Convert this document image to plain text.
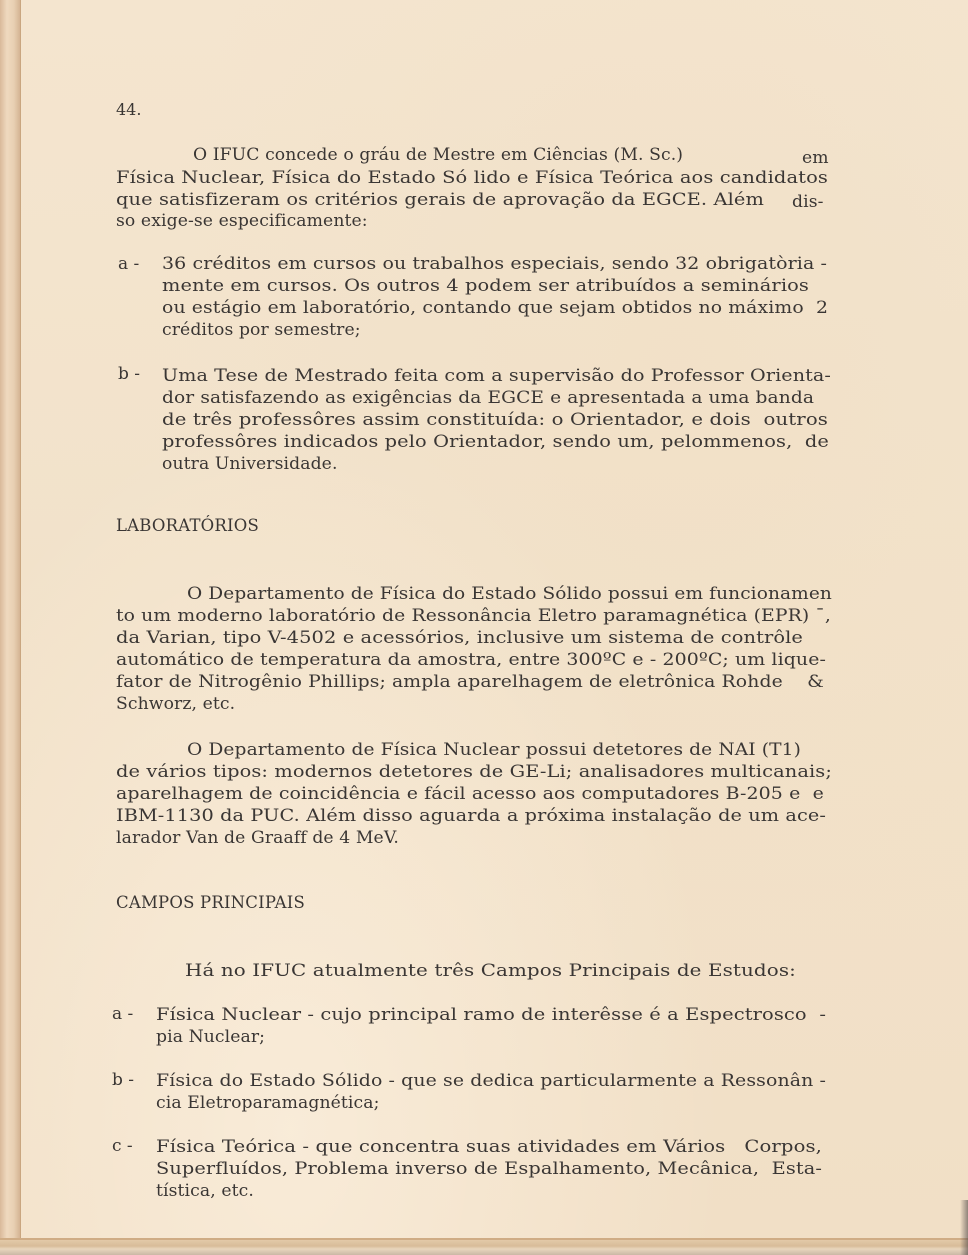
44.
O IFUC concede o gráu de Mestre em Ciências (M. Sc.)	em
Física Nuclear, Física do Estado Só lido e Física Teórica aos candidatos
que satisfizeram os critérios gerais de aprovação da EGCE. Além dis-
so exige-se especificamente:
a - 36 créditos em cursos ou trabalhos especiais, sendo 32 obrigatòria -
mente em cursos. Os outros 4 podem ser atribuídos a seminários
ou estágio em laboratório, contando que sejam obtidos no máximo  2
créditos por semestre;
b - Uma Tese de Mestrado feita com a supervisão do Professor Orienta-
dor satisfazendo as exigências da EGCE e apresentada a uma banda
de três professôres assim constituída: o Orientador, e dois  outros
professôres indicados pelo Orientador, sendo um, pelommenos,  de
outra Universidade.
LABORATÓRIOS
O Departamento de Física do Estado Sólido possui em funcionamen
to um moderno laboratório de Ressonância Eletro paramagnética (EPR) ¯,
da Varian, tipo V-4502 e acessórios, inclusive um sistema de contrôle
automático de temperatura da amostra, entre 300ºC e - 200ºC; um lique-
fator de Nitrogênio Phillips; ampla aparelhagem de eletrônica Rohde    &
Schworz, etc.
O Departamento de Física Nuclear possui detetores de NAI (T1)
de vários tipos: modernos detetores de GE-Li; analisadores multicanais;
aparelhagem de coincidência e fácil acesso aos computadores B-205 e  e
IBM-1130 da PUC. Além disso aguarda a próxima instalação de um ace-
larador Van de Graaff de 4 MeV.
CAMPOS PRINCIPAIS
Há no IFUC atualmente três Campos Principais de Estudos:
a - Física Nuclear - cujo principal ramo de interêsse é a Espectrosco  -
pia Nuclear;
b - Física do Estado Sólido - que se dedica particularmente a Ressonân -
cia Eletroparamagnética;
c - Física Teórica - que concentra suas atividades em Vários   Corpos,
Superfluídos, Problema inverso de Espalhamento, Mecânica,  Esta-
tística, etc.
